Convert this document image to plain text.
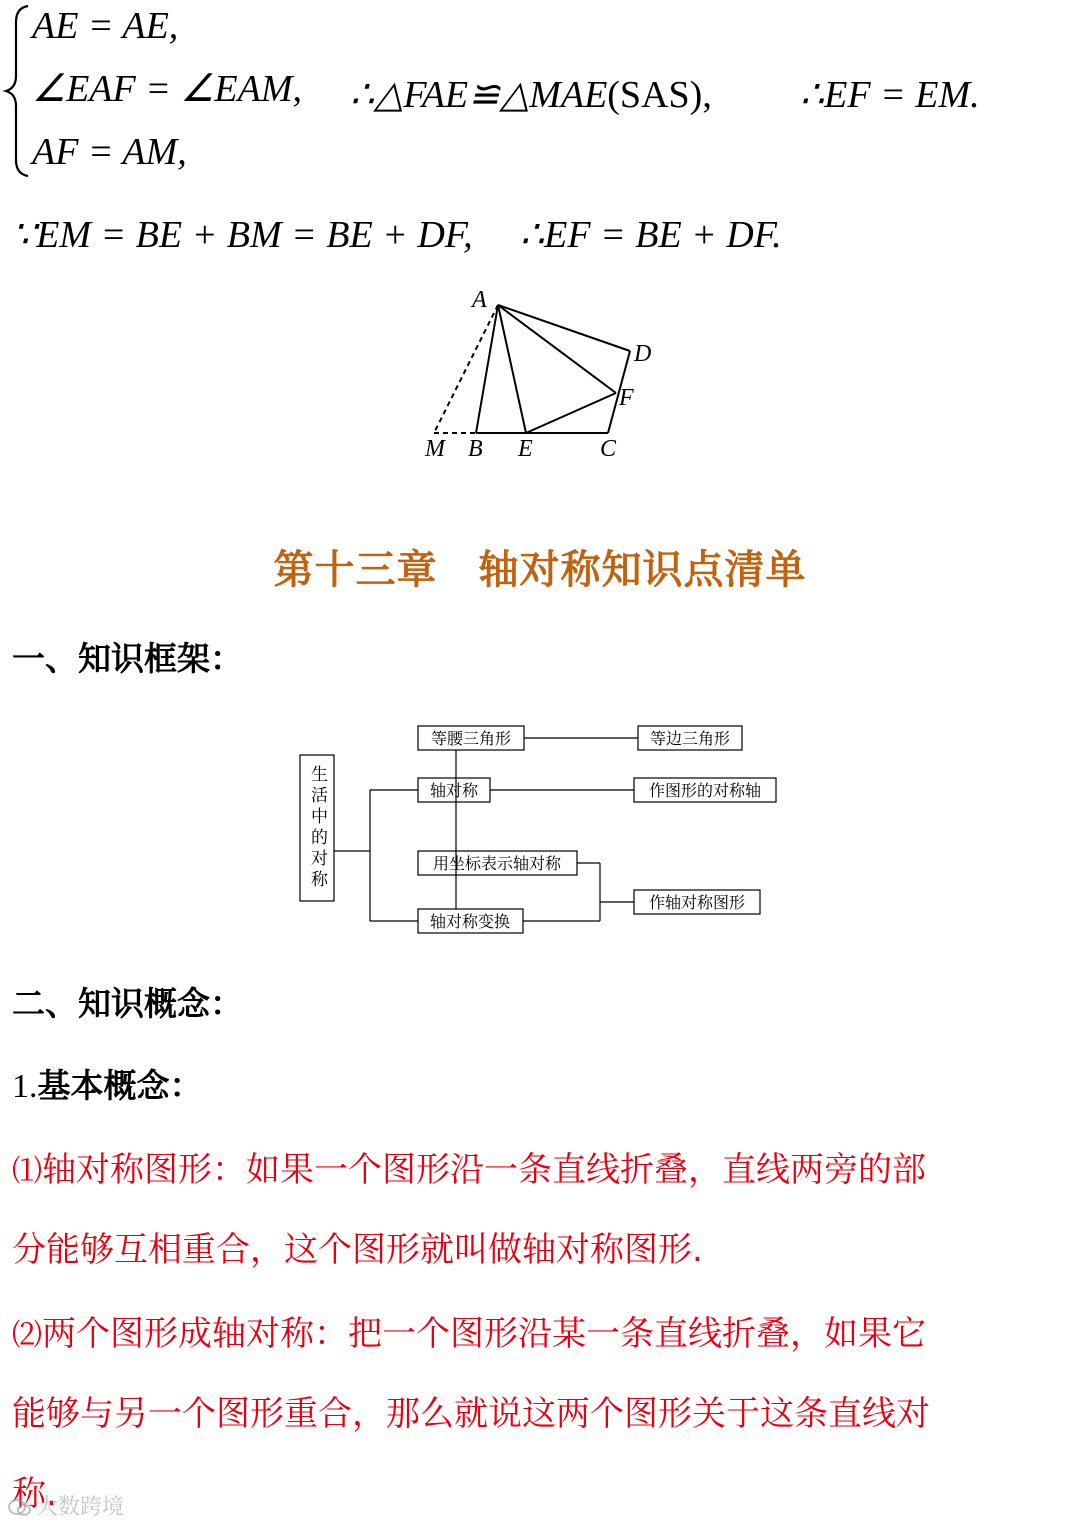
AE = AE,
∠EAF = ∠EAM,
AF = AM,
∴△FAE≌△MAE(SAS), ∴EF = EM.
∵EM = BE + BM = BE + DF, ∴EF = BE + DF.
A
D
F
M B E	C
第十三章　轴对称知识点清单
一、知识框架：
生活中的对称
等腰三角形	等边三角形
轴对称	作图形的对称轴
用坐标表示轴对称
轴对称变换
作轴对称图形
二、知识概念：
1.基本概念：

⑴轴对称图形：如果一个图形沿一条直线折叠，直线两旁的部

分能够互相重合，这个图形就叫做轴对称图形.

⑵两个图形成轴对称：把一个图形沿某一条直线折叠，如果它

能够与另一个图形重合，那么就说这两个图形关于这条直线对

称.

大数跨境
